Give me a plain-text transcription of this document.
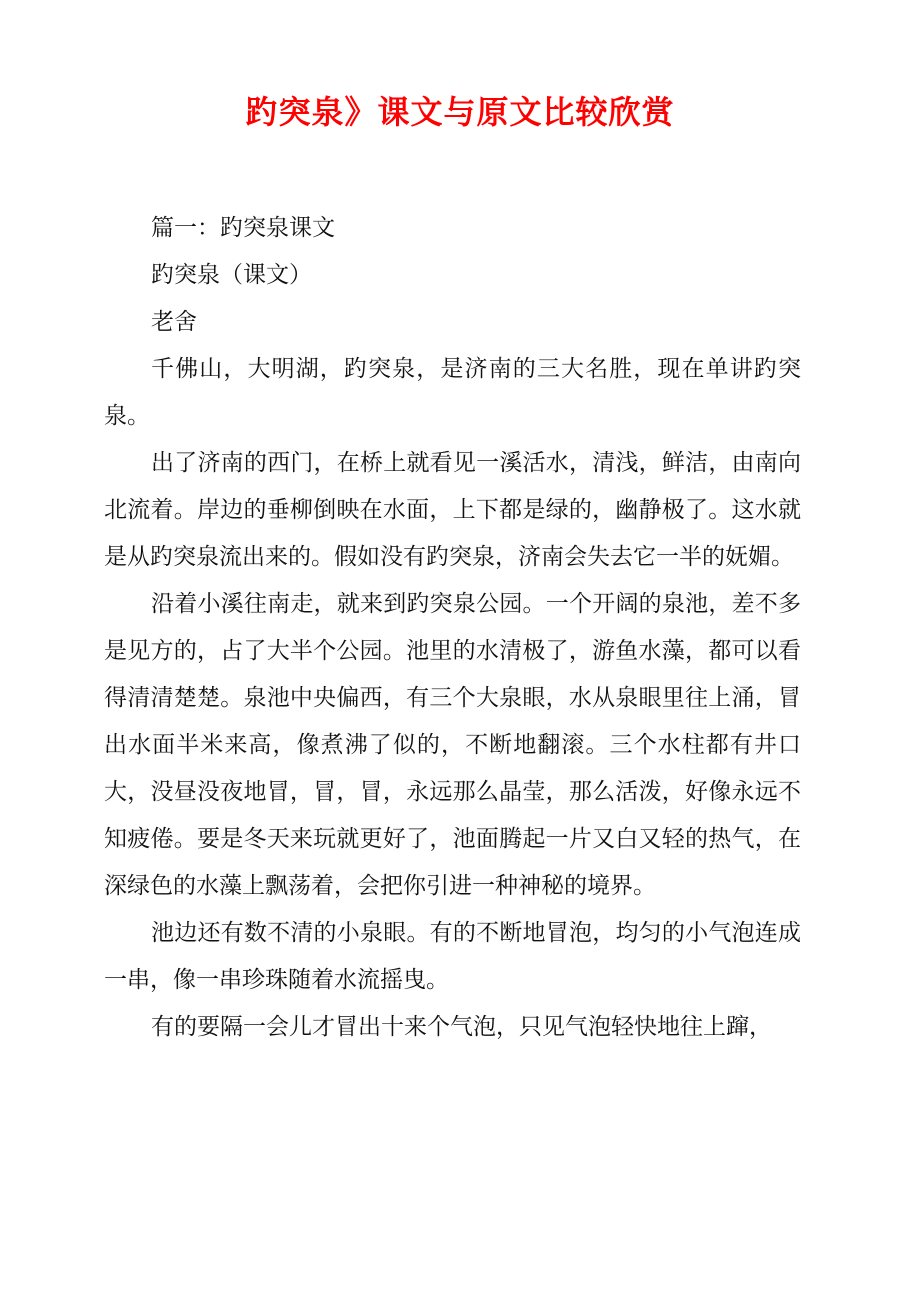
趵突泉》课文与原文比较欣赏

篇一：趵突泉课文

趵突泉（课文）

老舍

千佛山，大明湖，趵突泉，是济南的三大名胜，现在单讲趵突泉。

出了济南的西门，在桥上就看见一溪活水，清浅，鲜洁，由南向北流着。岸边的垂柳倒映在水面，上下都是绿的，幽静极了。这水就是从趵突泉流出来的。假如没有趵突泉，济南会失去它一半的妩媚。

沿着小溪往南走，就来到趵突泉公园。一个开阔的泉池，差不多是见方的，占了大半个公园。池里的水清极了，游鱼水藻，都可以看得清清楚楚。泉池中央偏西，有三个大泉眼，水从泉眼里往上涌，冒出水面半米来高，像煮沸了似的，不断地翻滚。三个水柱都有井口大，没昼没夜地冒，冒，冒，永远那么晶莹，那么活泼，好像永远不知疲倦。要是冬天来玩就更好了，池面腾起一片又白又轻的热气，在深绿色的水藻上飘荡着，会把你引进一种神秘的境界。

池边还有数不清的小泉眼。有的不断地冒泡，均匀的小气泡连成一串，像一串珍珠随着水流摇曳。

有的要隔一会儿才冒出十来个气泡，只见气泡轻快地往上蹿，
